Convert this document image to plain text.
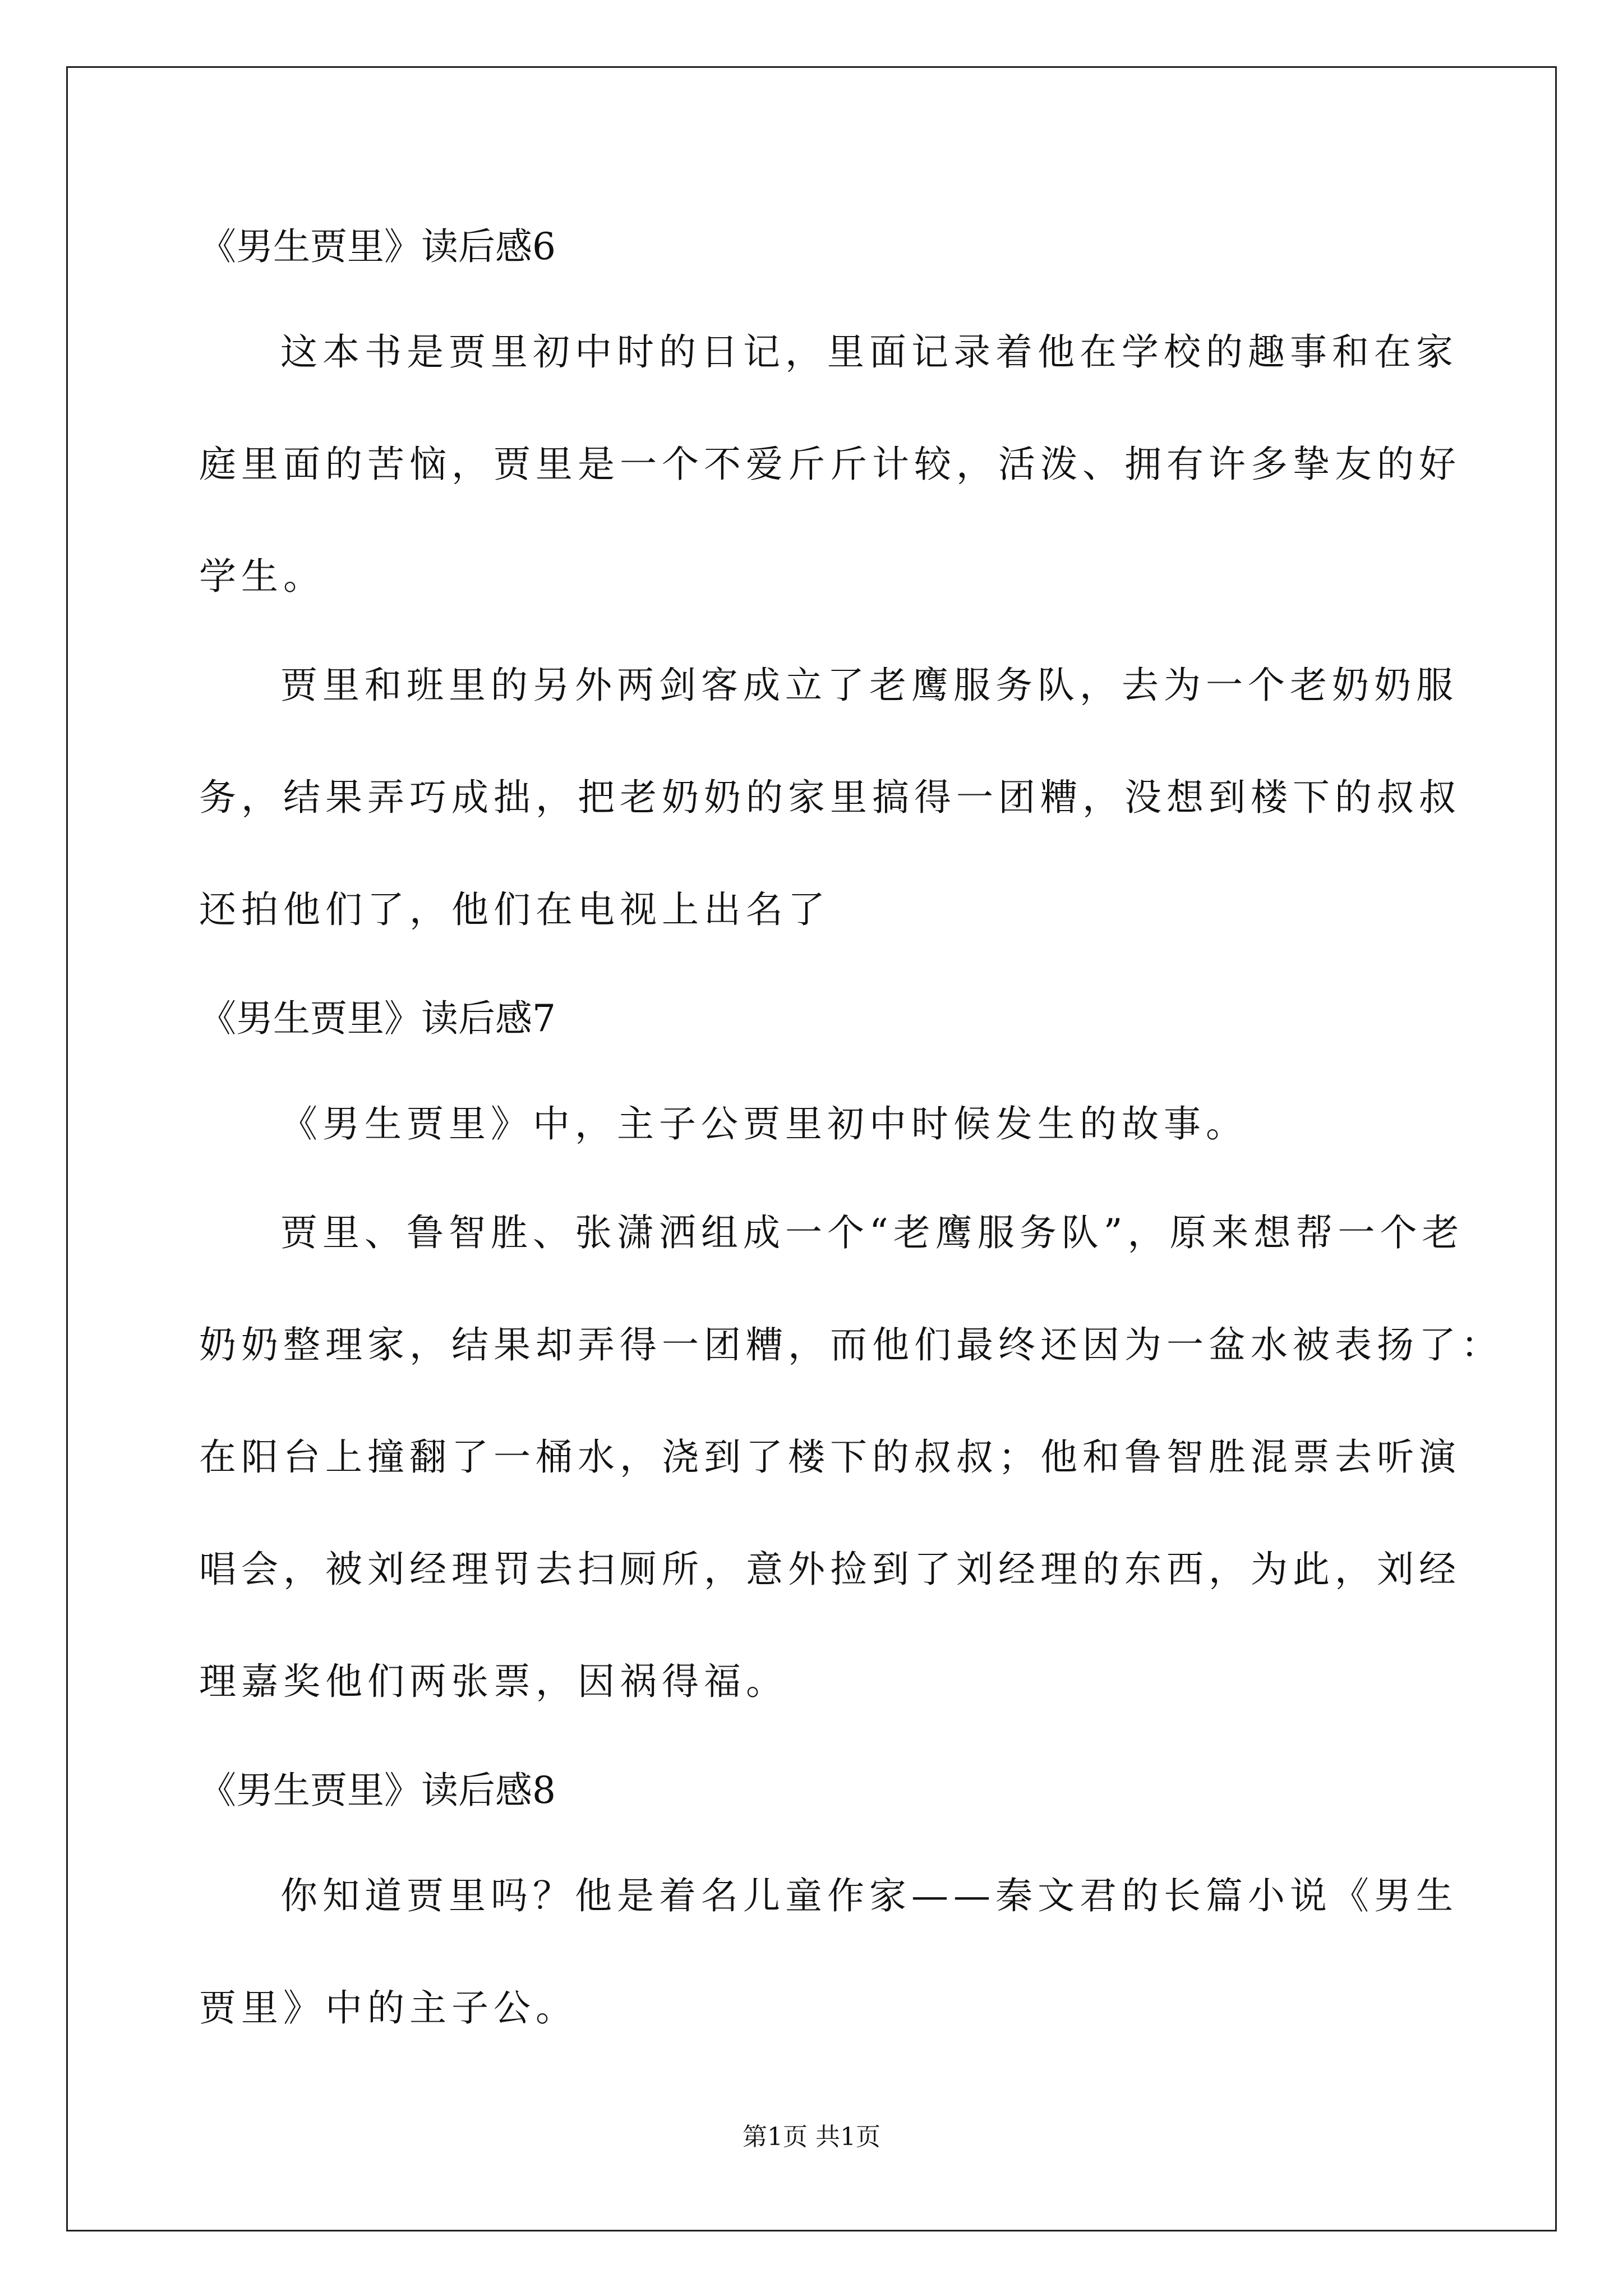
《男生贾里》读后感6
这本书是贾里初中时的日记，里面记录着他在学校的趣事和在家
庭里面的苦恼，贾里是一个不爱斤斤计较，活泼、拥有许多挚友的好
学生。
贾里和班里的另外两剑客成立了老鹰服务队，去为一个老奶奶服
务，结果弄巧成拙，把老奶奶的家里搞得一团糟，没想到楼下的叔叔
还拍他们了，他们在电视上出名了
《男生贾里》读后感7
《男生贾里》中，主子公贾里初中时候发生的故事。
贾里、鲁智胜、张潇洒组成一个“老鹰服务队”，原来想帮一个老
奶奶整理家，结果却弄得一团糟，而他们最终还因为一盆水被表扬了：
在阳台上撞翻了一桶水，浇到了楼下的叔叔；他和鲁智胜混票去听演
唱会，被刘经理罚去扫厕所，意外捡到了刘经理的东西，为此，刘经
理嘉奖他们两张票，因祸得福。
《男生贾里》读后感8
你知道贾里吗？他是着名儿童作家——秦文君的长篇小说《男生
贾里》中的主子公。
第1页 共1页
